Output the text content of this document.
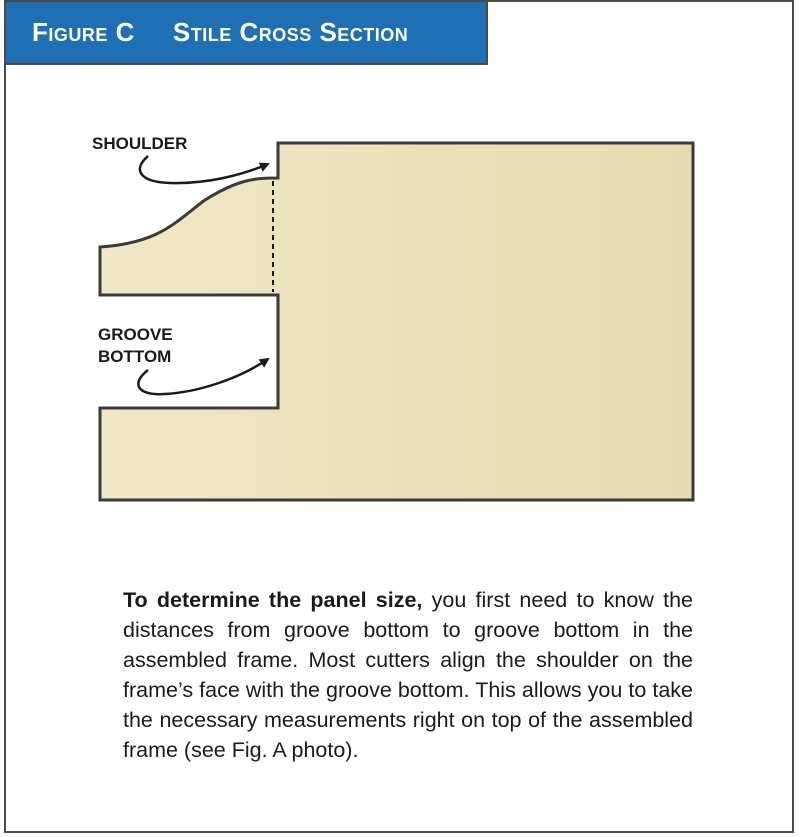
Figure C Stile Cross Section
SHOULDER
GROOVE
BOTTOM
To determine the panel size, you first need to know the distances from groove bottom to groove bottom in the assembled frame. Most cutters align the shoulder on the frame’s face with the groove bottom. This allows you to take the necessary measurements right on top of the assembled frame (see Fig. A photo).
